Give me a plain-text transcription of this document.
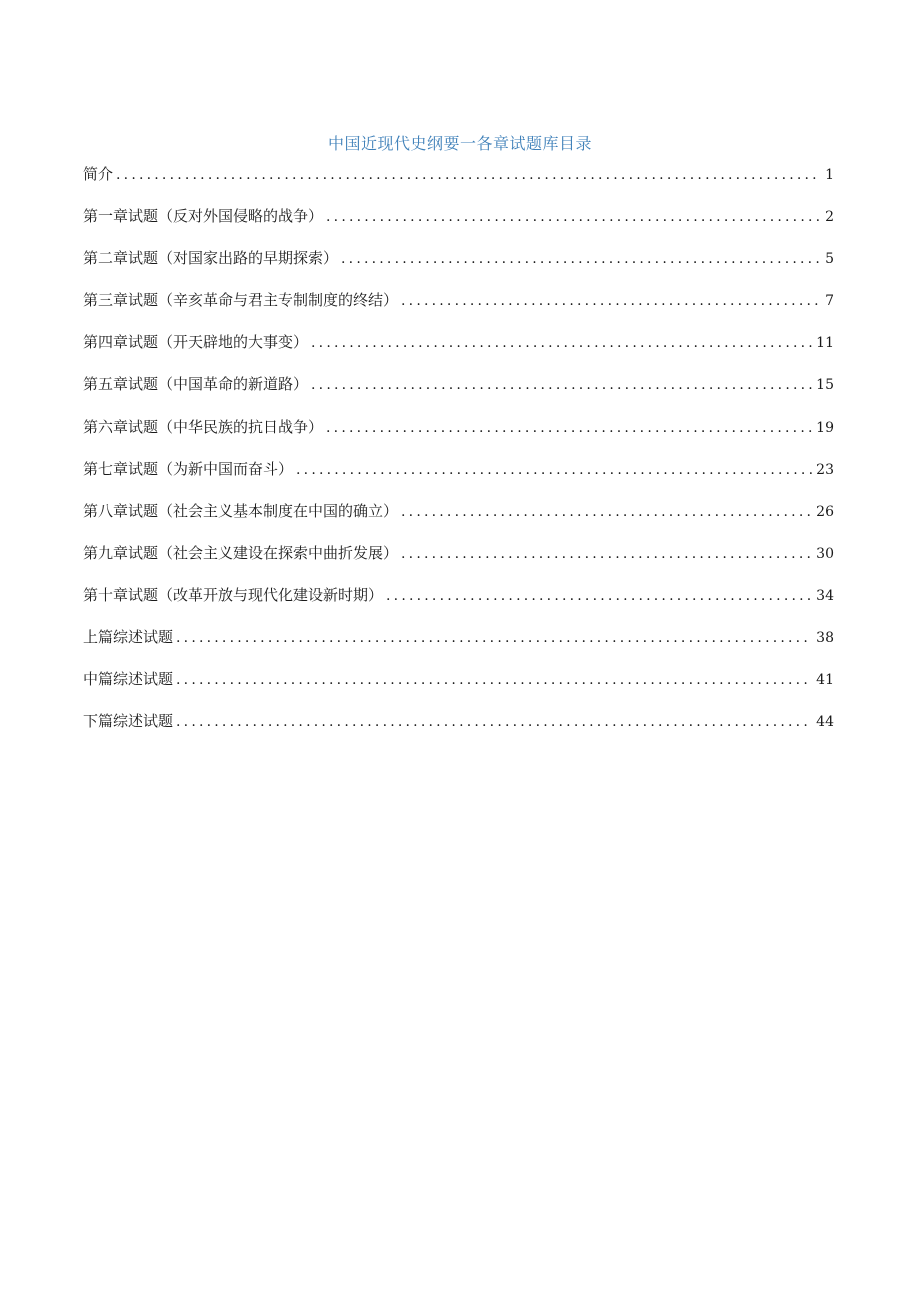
中国近现代史纲要一各章试题库目录
简介 .....	1
第一章试题（反对外国侵略的战争） .....	2
第二章试题（对国家出路的早期探索） .....	5
第三章试题（辛亥革命与君主专制制度的终结） .....	7
第四章试题（开天辟地的大事变） .....	11
第五章试题（中国革命的新道路） .....	15
第六章试题（中华民族的抗日战争） .....	19
第七章试题（为新中国而奋斗） .....	23
第八章试题（社会主义基本制度在中国的确立） .....	26
第九章试题（社会主义建设在探索中曲折发展） .....	30
第十章试题（改革开放与现代化建设新时期） .....	34
上篇综述试题 .....	38
中篇综述试题 .....	41
下篇综述试题 .....	44
